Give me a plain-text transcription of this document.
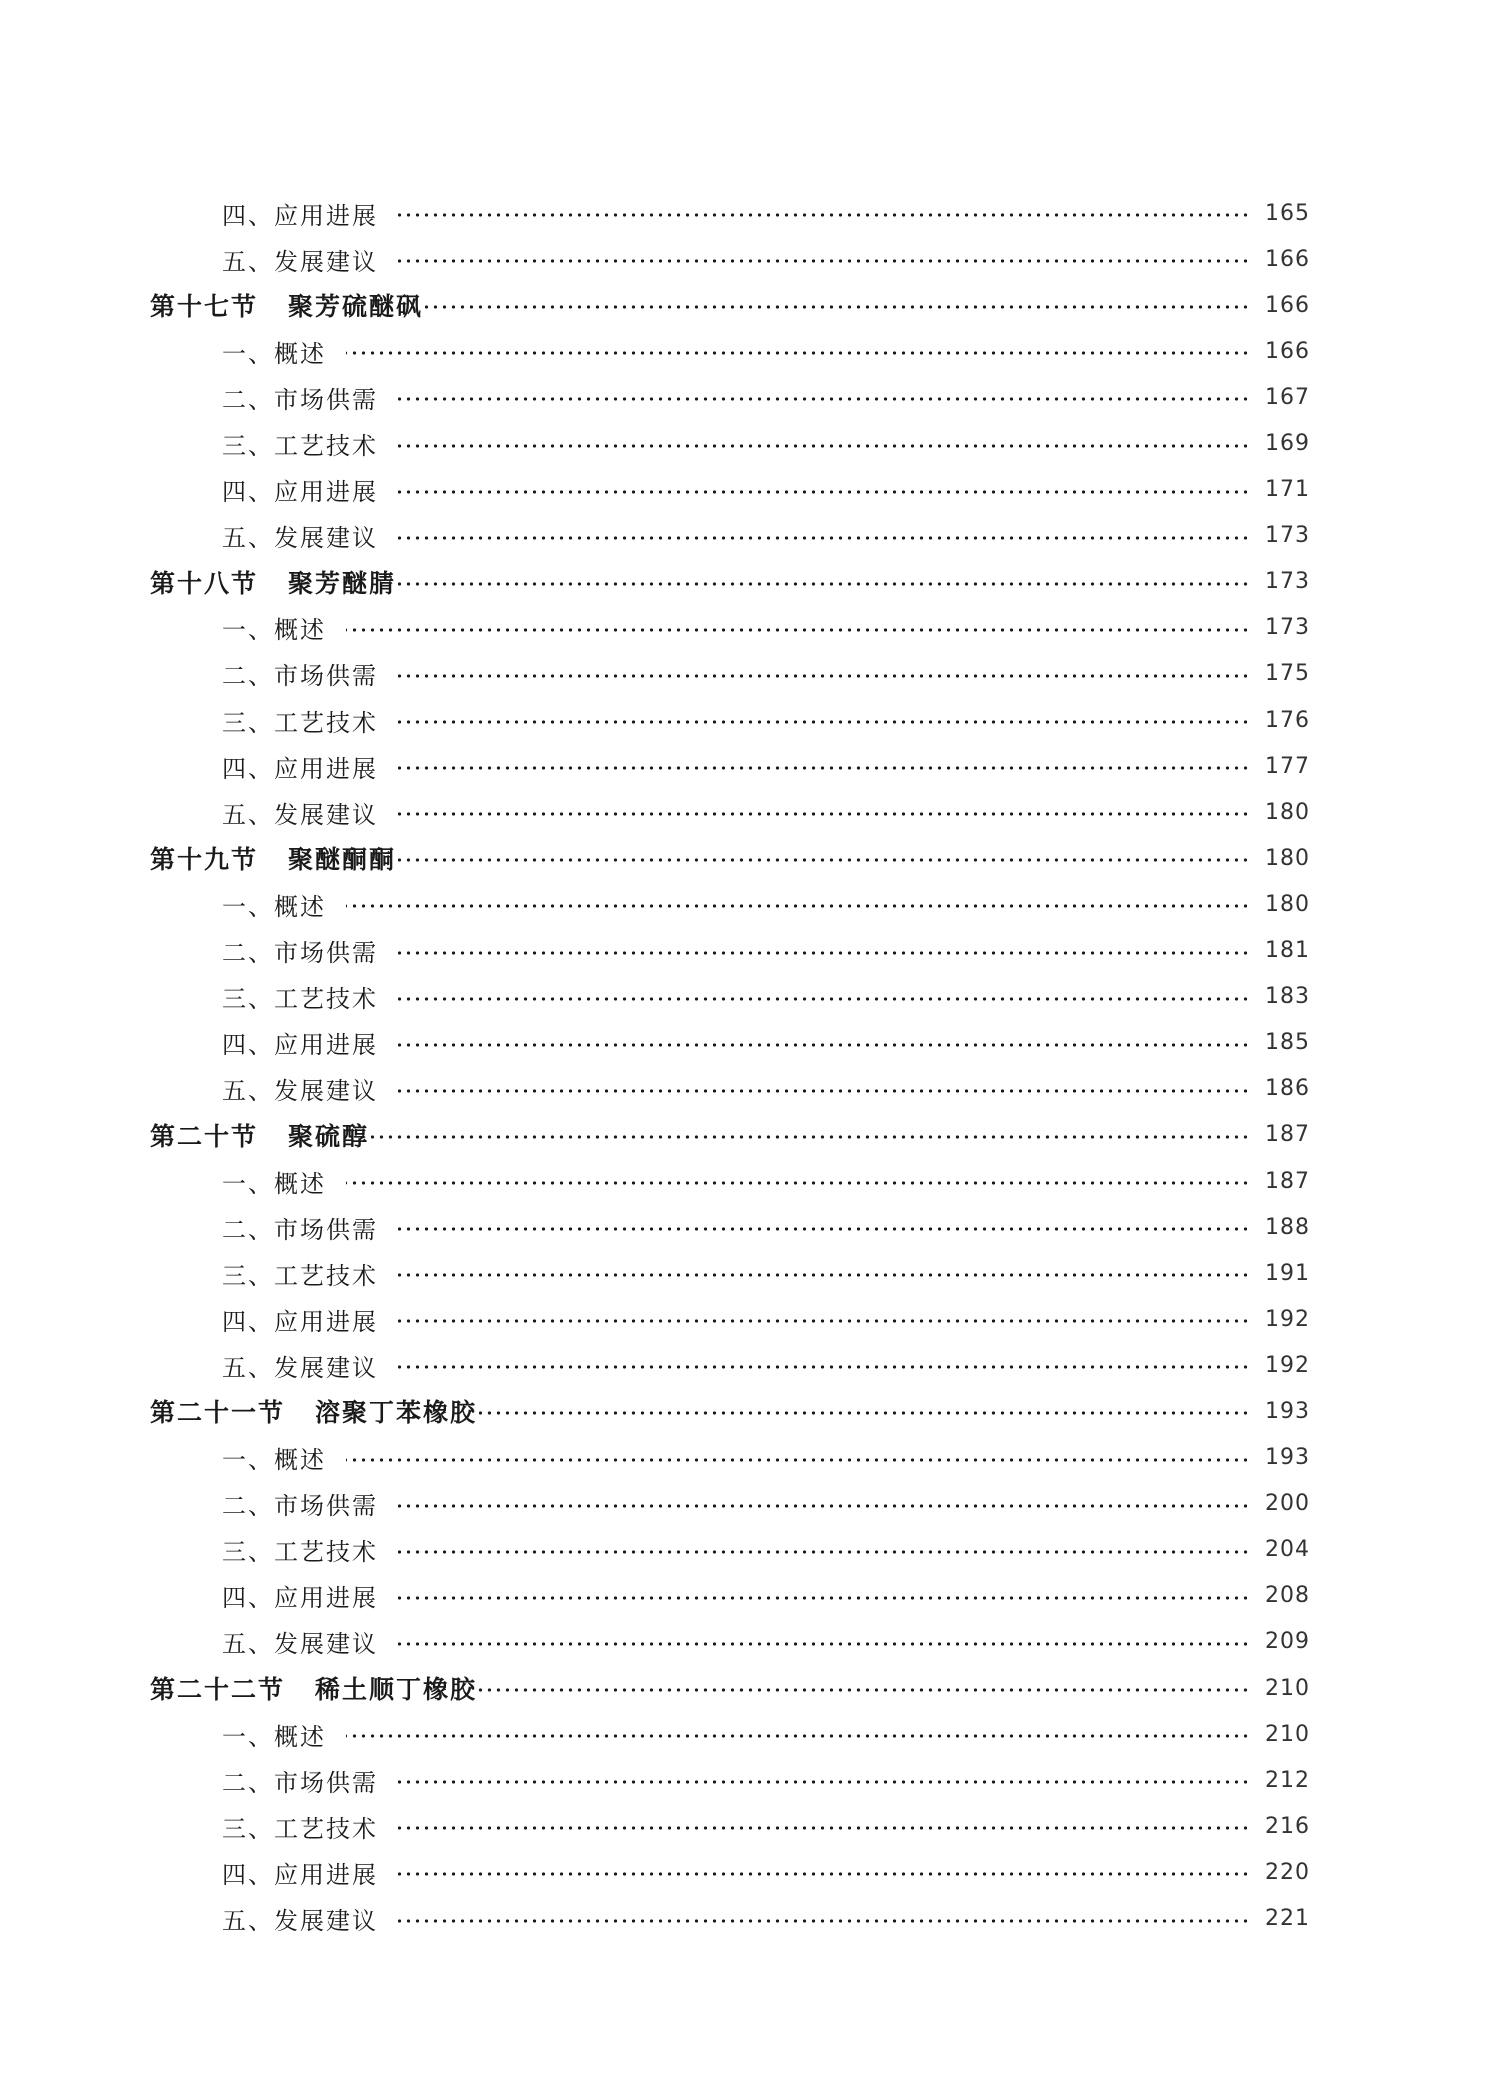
四、应用进展	165
五、发展建议	166
第十七节 聚芳硫醚砜	166
一、概述	166
二、市场供需	167
三、工艺技术	169
四、应用进展	171
五、发展建议	173
第十八节 聚芳醚腈	173
一、概述	173
二、市场供需	175
三、工艺技术	176
四、应用进展	177
五、发展建议	180
第十九节 聚醚酮酮	180
一、概述	180
二、市场供需	181
三、工艺技术	183
四、应用进展	185
五、发展建议	186
第二十节 聚硫醇	187
一、概述	187
二、市场供需	188
三、工艺技术	191
四、应用进展	192
五、发展建议	192
第二十一节 溶聚丁苯橡胶	193
一、概述	193
二、市场供需	200
三、工艺技术	204
四、应用进展	208
五、发展建议	209
第二十二节 稀土顺丁橡胶	210
一、概述	210
二、市场供需	212
三、工艺技术	216
四、应用进展	220
五、发展建议	221
